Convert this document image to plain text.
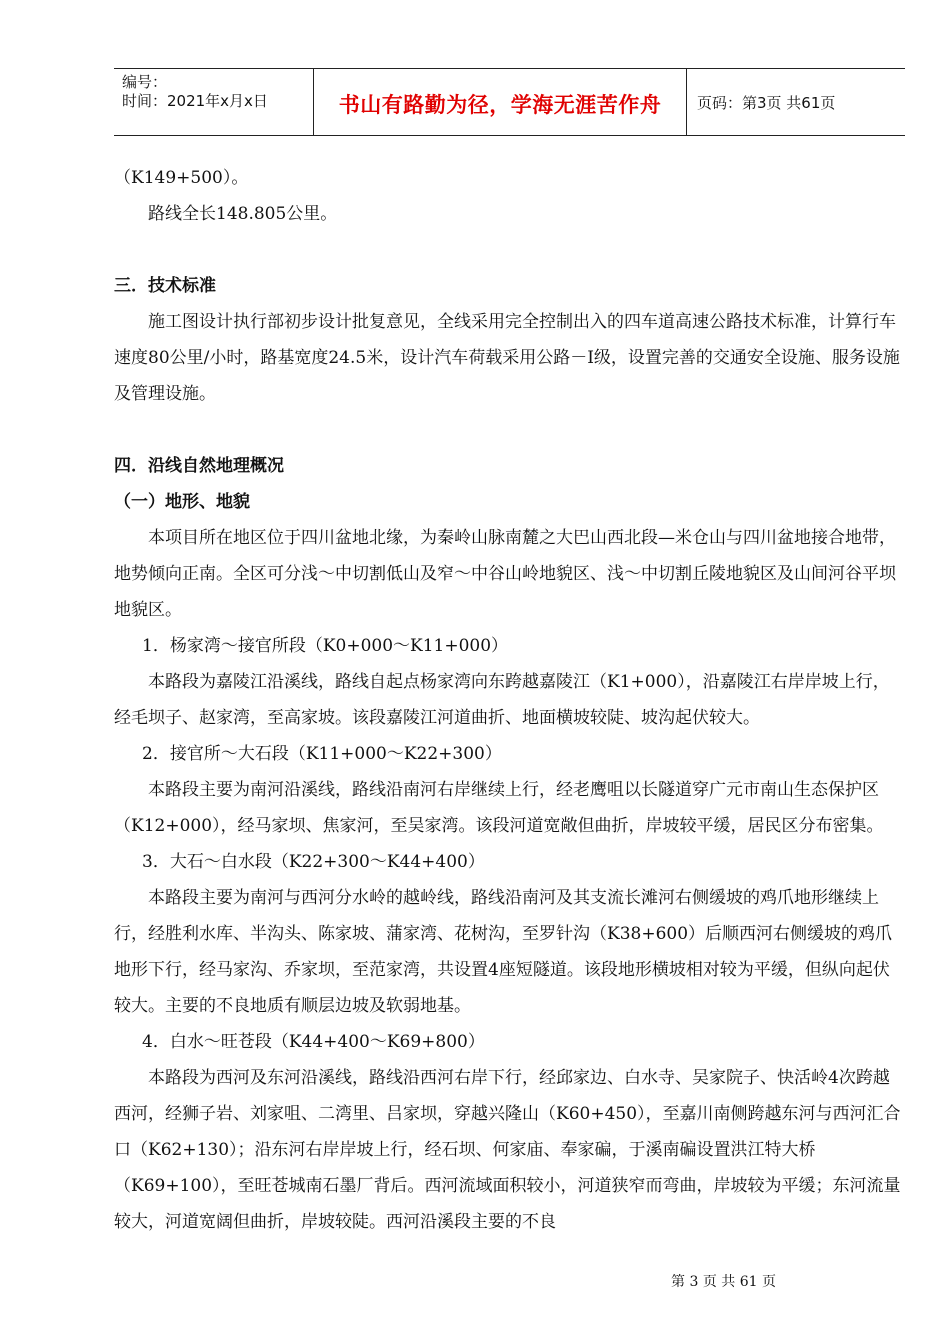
编号：
时间：2021年x月x日	书山有路勤为径，学海无涯苦作舟	页码：第3页 共61页

（K149+500）。

路线全长148.805公里。

三．技术标准

施工图设计执行部初步设计批复意见，全线采用完全控制出入的四车道高速公路技术标准，计算行车速度80公里/小时，路基宽度24.5米，设计汽车荷载采用公路－Ⅰ级，设置完善的交通安全设施、服务设施及管理设施。

四．沿线自然地理概况

（一）地形、地貌

本项目所在地区位于四川盆地北缘，为秦岭山脉南麓之大巴山西北段—米仓山与四川盆地接合地带，地势倾向正南。全区可分浅～中切割低山及窄～中谷山岭地貌区、浅～中切割丘陵地貌区及山间河谷平坝地貌区。

1．杨家湾～接官所段（K0+000～K11+000）

本路段为嘉陵江沿溪线，路线自起点杨家湾向东跨越嘉陵江（K1+000），沿嘉陵江右岸岸坡上行，经毛坝子、赵家湾，至高家坡。该段嘉陵江河道曲折、地面横坡较陡、坡沟起伏较大。

2．接官所～大石段（K11+000～K22+300）

本路段主要为南河沿溪线，路线沿南河右岸继续上行，经老鹰咀以长隧道穿广元市南山生态保护区（K12+000），经马家坝、焦家河，至吴家湾。该段河道宽敞但曲折，岸坡较平缓，居民区分布密集。

3．大石～白水段（K22+300～K44+400）

本路段主要为南河与西河分水岭的越岭线，路线沿南河及其支流长滩河右侧缓坡的鸡爪地形继续上行，经胜利水库、半沟头、陈家坡、蒲家湾、花树沟，至罗针沟（K38+600）后顺西河右侧缓坡的鸡爪地形下行，经马家沟、乔家坝，至范家湾，共设置4座短隧道。该段地形横坡相对较为平缓，但纵向起伏较大。主要的不良地质有顺层边坡及软弱地基。

4．白水～旺苍段（K44+400～K69+800）

本路段为西河及东河沿溪线，路线沿西河右岸下行，经邱家边、白水寺、吴家院子、快活岭4次跨越西河，经狮子岩、刘家咀、二湾里、吕家坝，穿越兴隆山（K60+450），至嘉川南侧跨越东河与西河汇合口（K62+130）；沿东河右岸岸坡上行，经石坝、何家庙、奉家碥，于溪南碥设置洪江特大桥（K69+100），至旺苍城南石墨厂背后。西河流域面积较小，河道狭窄而弯曲，岸坡较为平缓；东河流量较大，河道宽阔但曲折，岸坡较陡。西河沿溪段主要的不良

第 3 页 共 61 页
